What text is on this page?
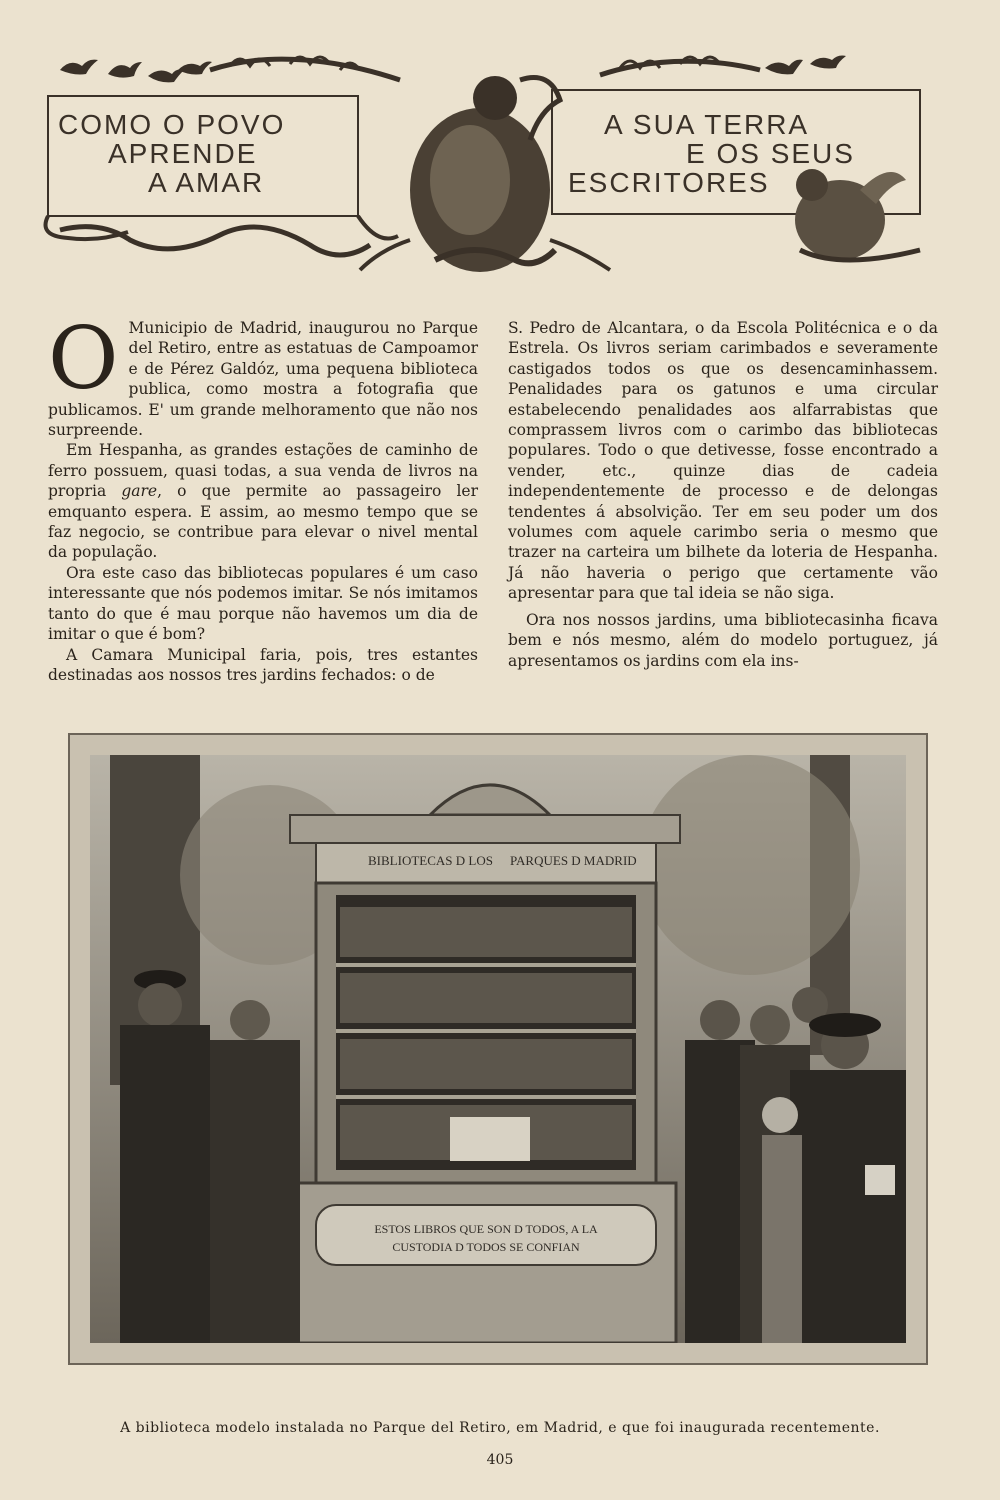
COMO O POVO
APRENDE
A AMAR
A SUA TERRA
E OS SEUS
ESCRITORES

O Municipio de Madrid, inaugurou no Parque del Retiro, entre as estatuas de Campoamor e de Pérez Galdóz, uma pequena biblioteca publica, como mostra a fotografia que publicamos. E' um grande melhoramento que não nos surpreende.

Em Hespanha, as grandes estações de caminho de ferro possuem, quasi todas, a sua venda de livros na propria gare, o que permite ao passageiro ler emquanto espera. E assim, ao mesmo tempo que se faz negocio, se contribue para elevar o nivel mental da população.

Ora este caso das bibliotecas populares é um caso interessante que nós podemos imitar. Se nós imitamos tanto do que é mau porque não havemos um dia de imitar o que é bom?

A Camara Municipal faria, pois, tres estantes destinadas aos nossos tres jardins fechados: o de

S. Pedro de Alcantara, o da Escola Politécnica e o da Estrela. Os livros seriam carimbados e severamente castigados todos os que os desencaminhassem. Penalidades para os gatunos e uma circular estabelecendo penalidades aos alfarrabistas que comprassem livros com o carimbo das bibliotecas populares. Todo o que detivesse, fosse encontrado a vender, etc., quinze dias de cadeia independentemente de processo e de delongas tendentes á absolvição. Ter em seu poder um dos volumes com aquele carimbo seria o mesmo que trazer na carteira um bilhete da loteria de Hespanha. Já não haveria o perigo que certamente vão apresentar para que tal ideia se não siga.

Ora nos nossos jardins, uma bibliotecasinha ficava bem e nós mesmo, além do modelo portuguez, já apresentamos os jardins com ela ins-

BIBLIOTECAS D LOS PARQUES D MADRID
ESTOS LIBROS QUE SON D TODOS, A LA
CUSTODIA D TODOS SE CONFIAN
A biblioteca modelo instalada no Parque del Retiro, em Madrid, e que foi inaugurada recentemente.
405
